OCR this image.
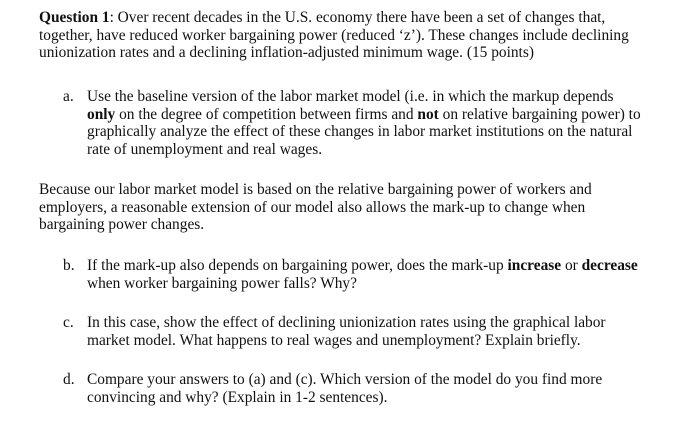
Question 1: Over recent decades in the U.S. economy there have been a set of changes that,
together, have reduced worker bargaining power (reduced ‘z’). These changes include declining
unionization rates and a declining inflation-adjusted minimum wage. (15 points)
a. Use the baseline version of the labor market model (i.e. in which the markup depends
only on the degree of competition between firms and not on relative bargaining power) to
graphically analyze the effect of these changes in labor market institutions on the natural
rate of unemployment and real wages.
Because our labor market model is based on the relative bargaining power of workers and
employers, a reasonable extension of our model also allows the mark-up to change when
bargaining power changes.
b. If the mark-up also depends on bargaining power, does the mark-up increase or decrease
when worker bargaining power falls? Why?
c. In this case, show the effect of declining unionization rates using the graphical labor
market model. What happens to real wages and unemployment? Explain briefly.
d. Compare your answers to (a) and (c). Which version of the model do you find more
convincing and why? (Explain in 1-2 sentences).
